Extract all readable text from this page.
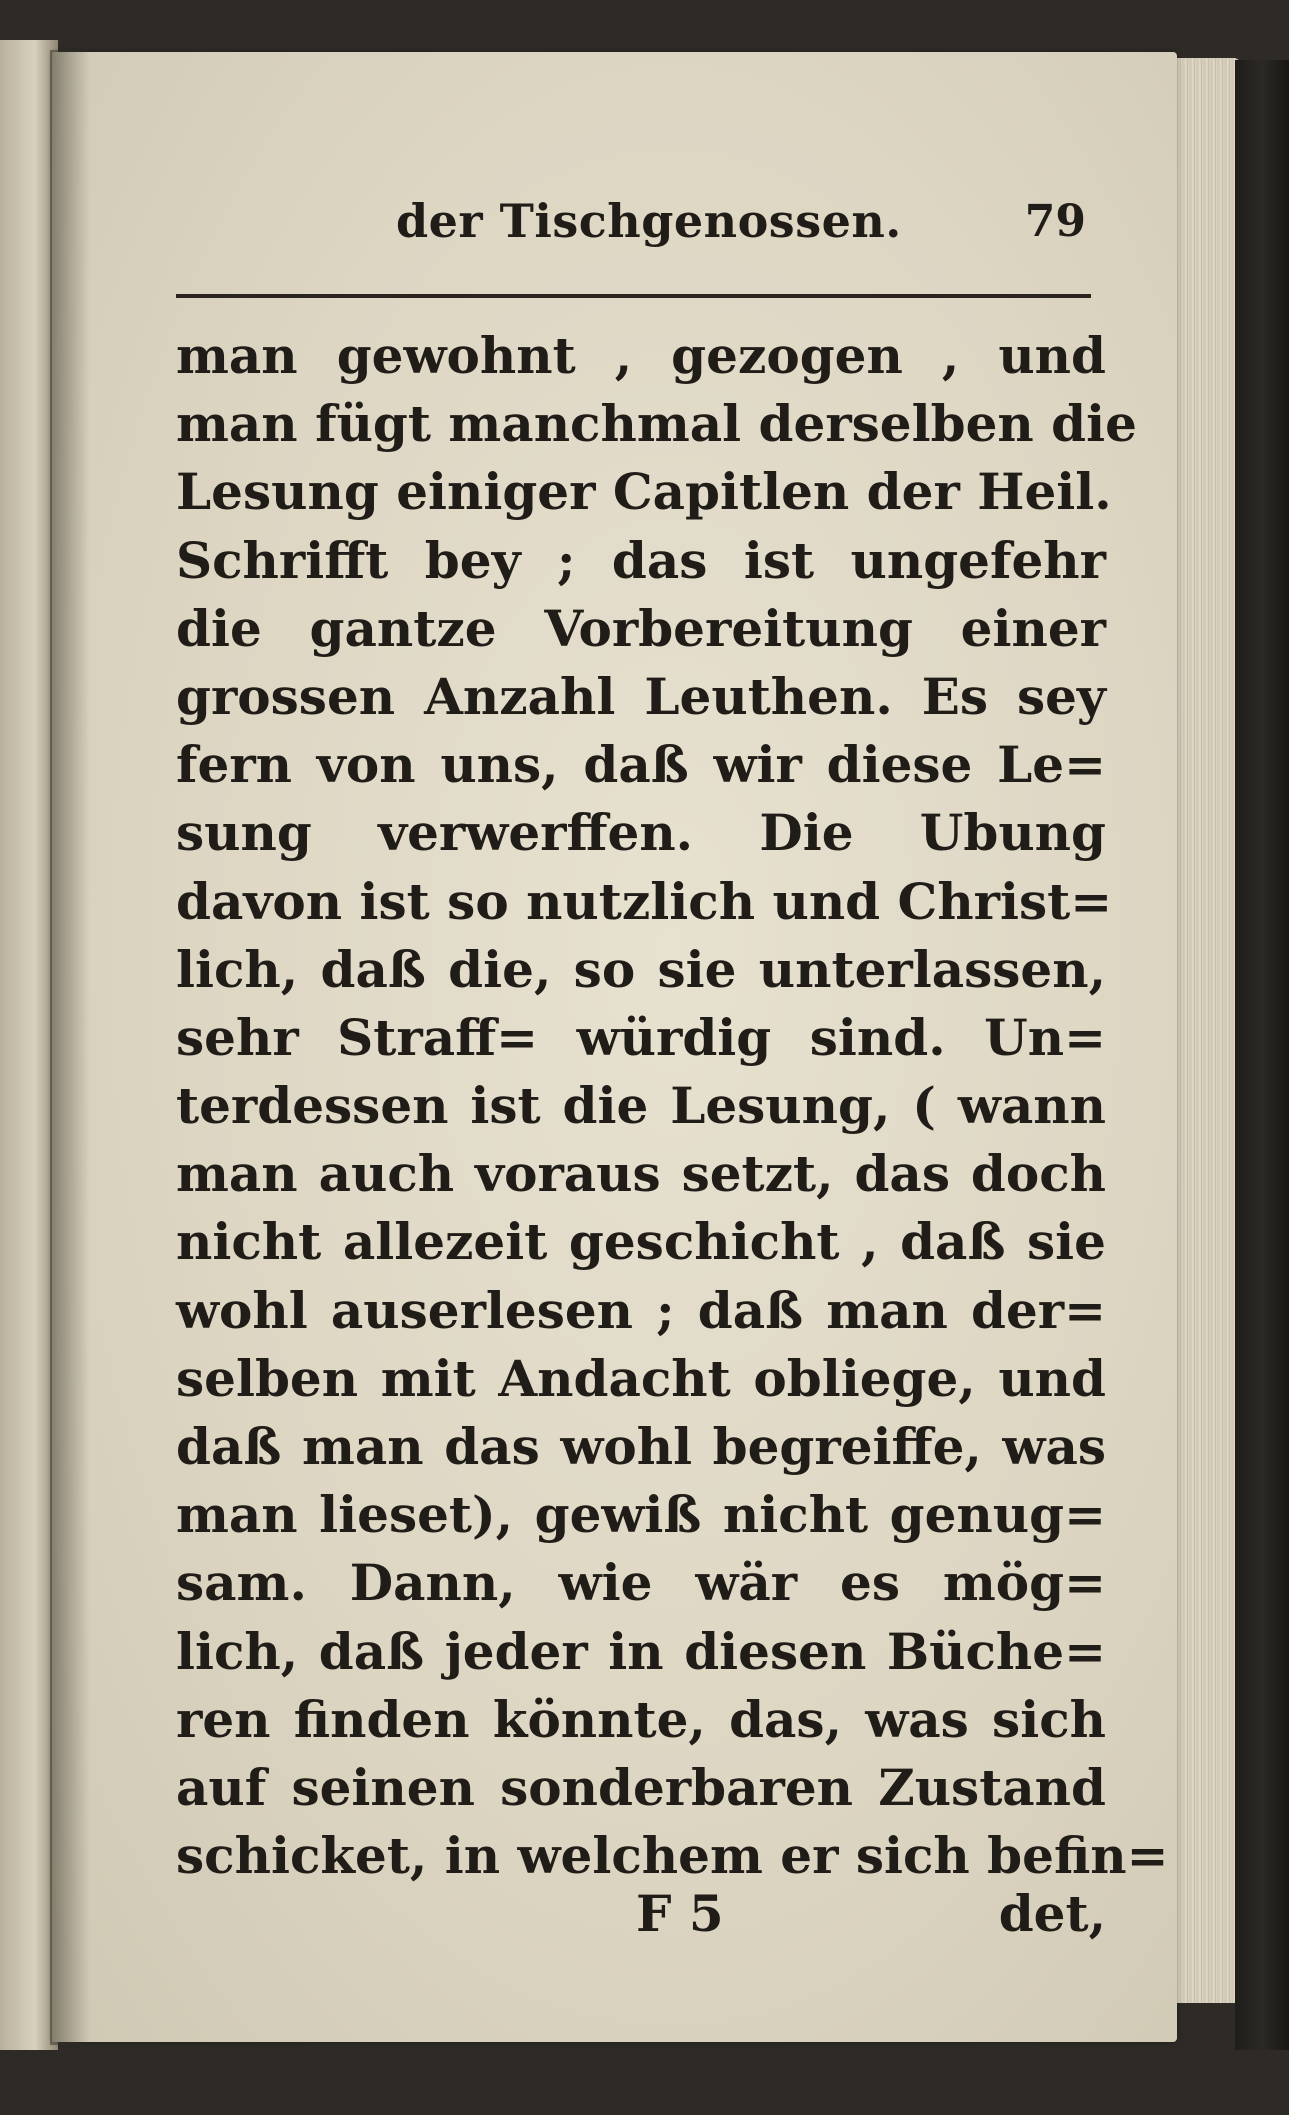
der Tischgenossen.	79
man gewohnt , gezogen , und
man fügt manchmal derselben die
Lesung einiger Capitlen der Heil.
Schrifft bey ; das ist ungefehr
die gantze Vorbereitung einer
grossen Anzahl Leuthen. Es sey
fern von uns, daß wir diese Le=
sung verwerffen. Die Ubung
davon ist so nutzlich und Christ=
lich, daß die, so sie unterlassen,
sehr Straff= würdig sind. Un=
terdessen ist die Lesung, ( wann
man auch voraus setzt, das doch
nicht allezeit geschicht , daß sie
wohl auserlesen ; daß man der=
selben mit Andacht obliege, und
daß man das wohl begreiffe, was
man lieset), gewiß nicht genug=
sam. Dann, wie wär es mög=
lich, daß jeder in diesen Büche=
ren finden könnte, das, was sich
auf seinen sonderbaren Zustand
schicket, in welchem er sich befin=
F 5	det,
